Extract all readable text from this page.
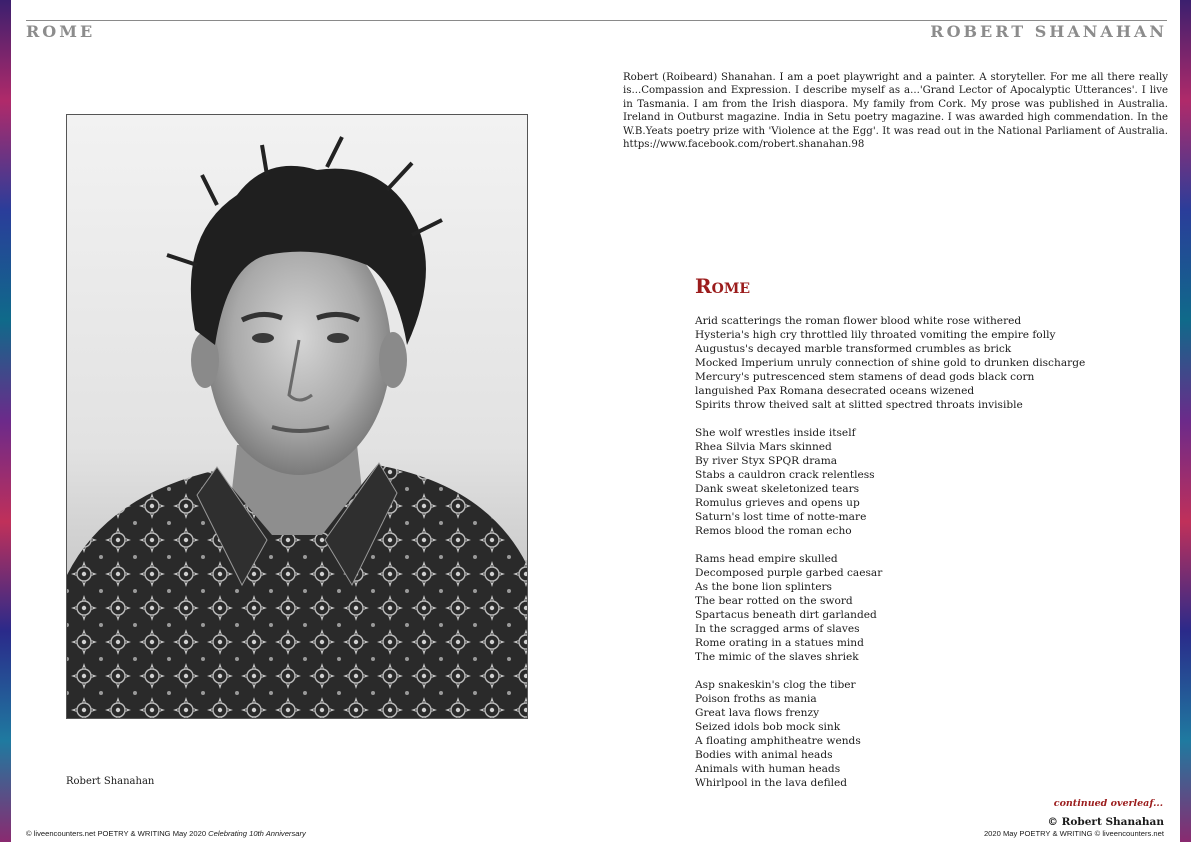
ROME	ROBERT SHANAHAN
Robert Shanahan

Robert (Roibeard) Shanahan. I am a poet playwright and a painter. A storyteller. For me all there really is...Compassion and Expression. I describe myself as a...'Grand Lector of Apocalyptic Utterances'. I live in Tasmania. I am from the Irish diaspora. My family from Cork. My prose was published in Australia. Ireland in Outburst magazine. India in Setu poetry magazine. I was awarded high commendation. In the W.B.Yeats poetry prize with 'Violence at the Egg'. It was read out in the National Parliament of Australia. https://www.facebook.com/robert.shanahan.98

Rome
Arid scatterings the roman flower blood white rose withered
Hysteria's high cry throttled lily throated vomiting the empire folly
Augustus's decayed marble transformed crumbles as brick
Mocked Imperium unruly connection of shine gold to drunken discharge
Mercury's putrescenced stem stamens of dead gods black corn
languished Pax Romana desecrated oceans wizened
Spirits throw theived salt at slitted spectred throats invisible
She wolf wrestles inside itself
Rhea Silvia Mars skinned
By river Styx SPQR drama
Stabs a cauldron crack relentless
Dank sweat skeletonized tears
Romulus grieves and opens up
Saturn's lost time of notte-mare
Remos blood the roman echo
Rams head empire skulled
Decomposed purple garbed caesar
As the bone lion splinters
The bear rotted on the sword
Spartacus beneath dirt garlanded
In the scragged arms of slaves
Rome orating in a statues mind
The mimic of the slaves shriek
Asp snakeskin's clog the tiber
Poison froths as mania
Great lava flows frenzy
Seized idols bob mock sink
A floating amphitheatre wends
Bodies with animal heads
Animals with human heads
Whirlpool in the lava defiled
continued overleaf...
© Robert Shanahan
© liveencounters.net POETRY & WRITING May 2020 Celebrating 10th Anniversary	2020 May POETRY & WRITING © liveencounters.net
